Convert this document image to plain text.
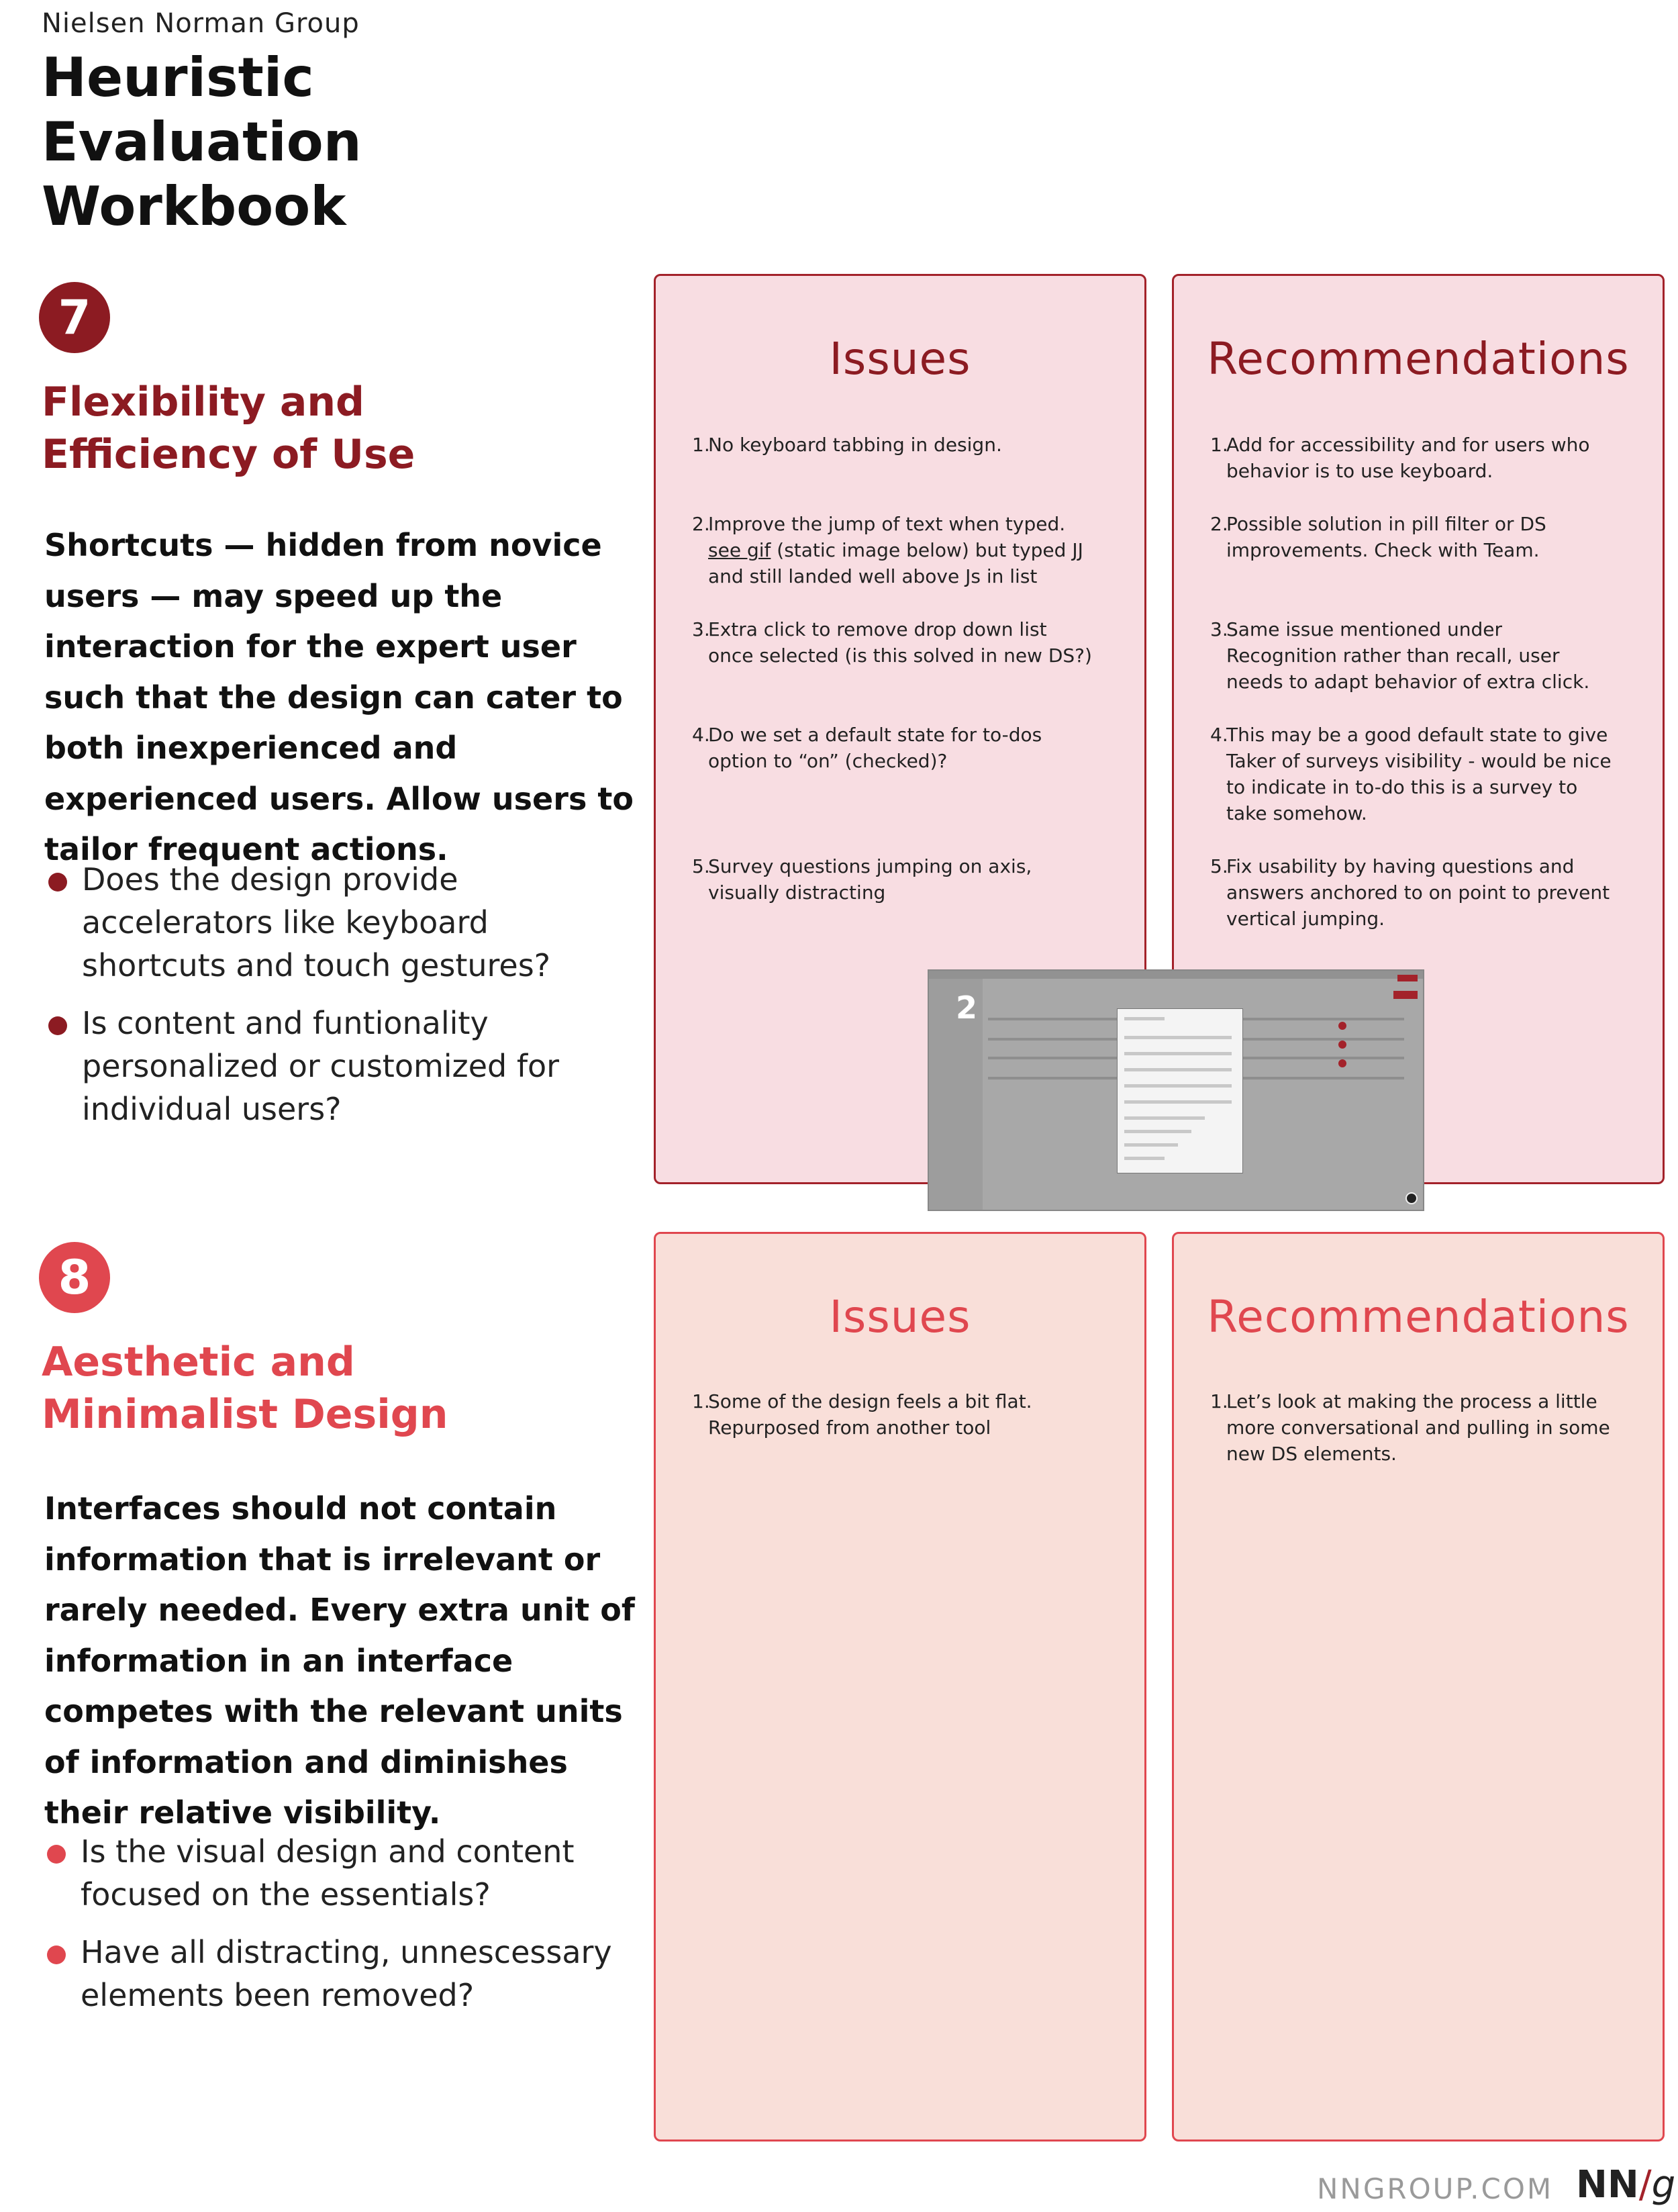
Nielsen Norman Group
Heuristic Evaluation
Workbook
7
Flexibility and
Efficiency of Use
Shortcuts — hidden from novice users — may speed up the interaction for the expert user such that the design can cater to both inexperienced and experienced users. Allow users to tailor frequent actions.
Does the design provide accelerators like keyboard shortcuts and touch gestures?
Is content and funtionality personalized or customized for individual users?
Issues
1.
No keyboard tabbing in design.
2.
Improve the jump of text when typed.
see gif (static image below) but typed JJ and still landed well above Js in list
3.
Extra click to remove drop down list once selected (is this solved in new DS?)
4.
Do we set a default state for to-dos option to “on” (checked)?
5.
Survey questions jumping on axis, visually distracting
Recommendations
1.
Add for accessibility and for users who behavior is to use keyboard.
2.
Possible solution in pill filter or DS improvements. Check with Team.
3.
Same issue mentioned under Recognition rather than recall, user needs to adapt behavior of extra click.
4.
This may be a good default state to give Taker of surveys visibility - would be nice to indicate in to-do this is a survey to take somehow.
5.
Fix usability by having questions and answers anchored to on point to prevent vertical jumping.
2
8
Aesthetic and
Minimalist Design
Interfaces should not contain information that is irrelevant or rarely needed. Every extra unit of information in an interface competes with the relevant units of information and diminishes their relative visibility.
Is the visual design and content focused on the essentials?
Have all distracting, unnescessary elements been removed?
Issues
1.
Some of the design feels a bit flat. Repurposed from another tool
Recommendations
1.
Let’s look at making the process a little more conversational and pulling in some new DS elements.
NNGROUP.COM NN/g
